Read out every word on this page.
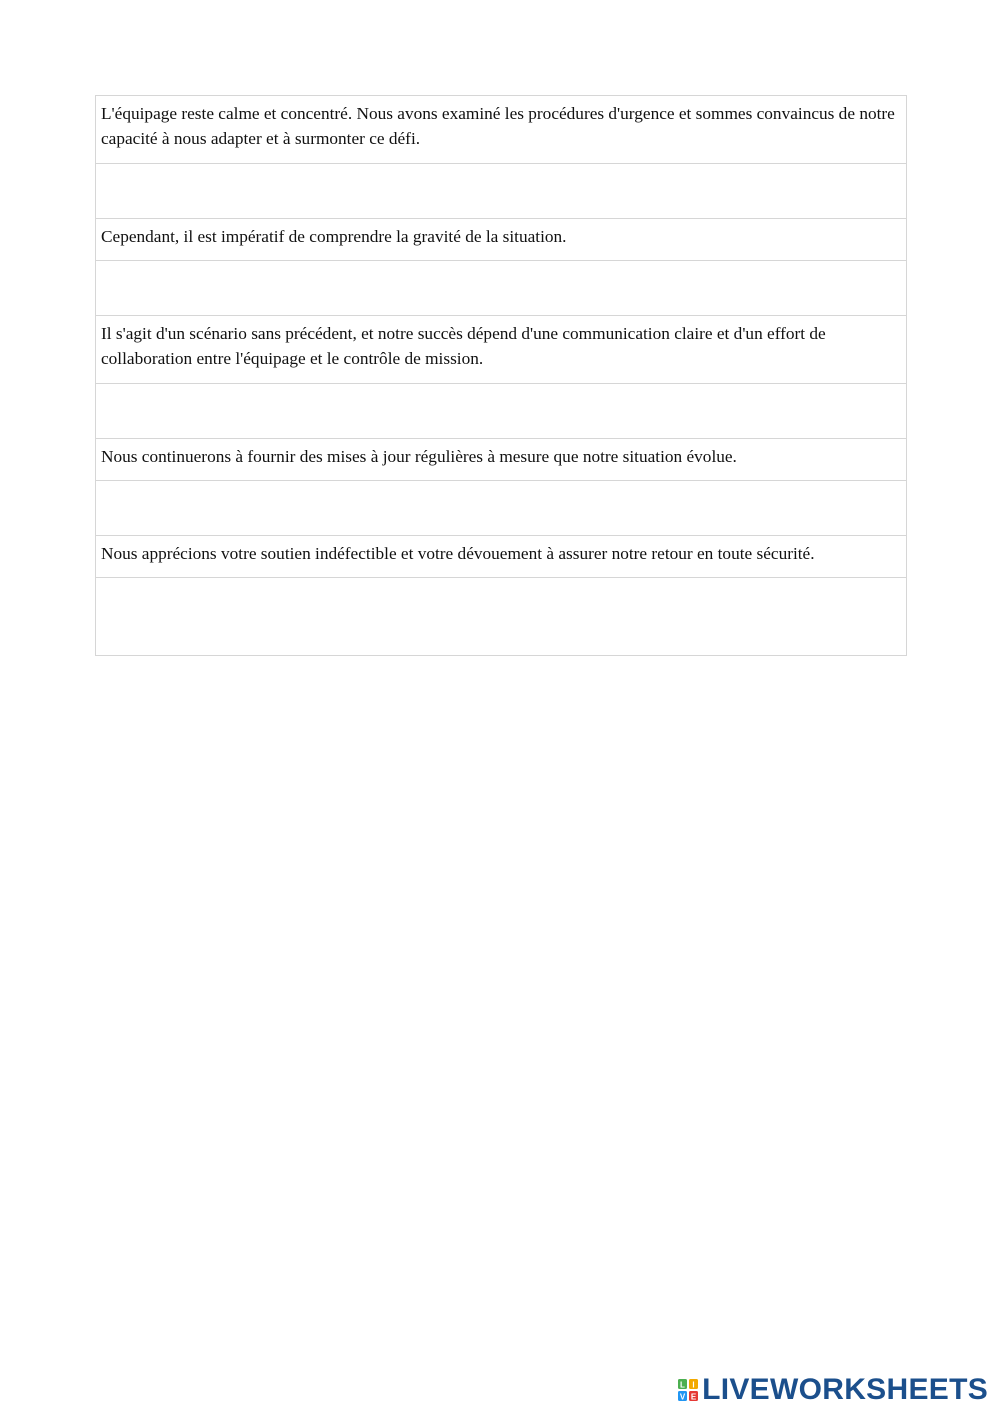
L'équipage reste calme et concentré. Nous avons examiné les procédures d'urgence et sommes convaincus de notre capacité à nous adapter et à surmonter ce défi.
Cependant, il est impératif de comprendre la gravité de la situation.
Il s'agit d'un scénario sans précédent, et notre succès dépend d'une communication claire et d'un effort de collaboration entre l'équipage et le contrôle de mission.
Nous continuerons à fournir des mises à jour régulières à mesure que notre situation évolue.
Nous apprécions votre soutien indéfectible et votre dévouement à assurer notre retour en toute sécurité.
L I
V E LIVEWORKSHEETS
